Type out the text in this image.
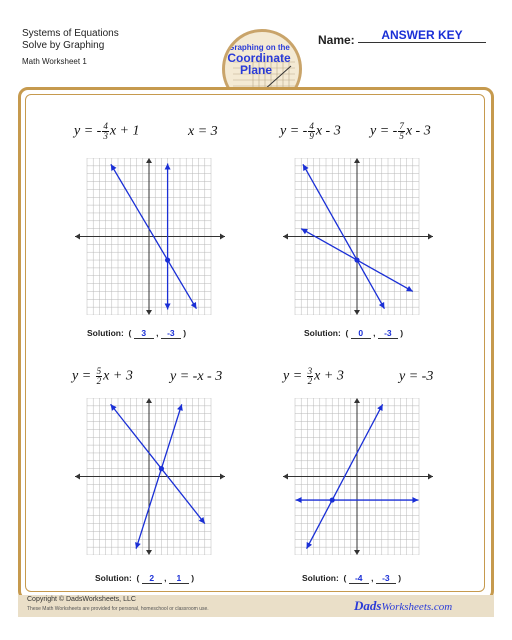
Systems of Equations
Solve by Graphing
Math Worksheet 1
Graphing on the
Coordinate
Plane
Name:	ANSWER KEY
y = - $\frac{4}{3}$ x + 1	x = 3
Solution:  ( 3 , -3 )
y = - $\frac{4}{9}$ x - 3 y = - $\frac{7}{5}$ x - 3
Solution:  ( 0 , -3 )
$y = \frac{5}{2}$ x + 3	y = -x - 3
Solution:  ( 2 , 1 )
$y = \frac{3}{2}$ x + 3	y = -3
Solution:  ( -4 , -3 )
Copyright © DadsWorksheets, LLC
These Math Worksheets are provided for personal, homeschool or classroom use.	DadsWorksheets.com
